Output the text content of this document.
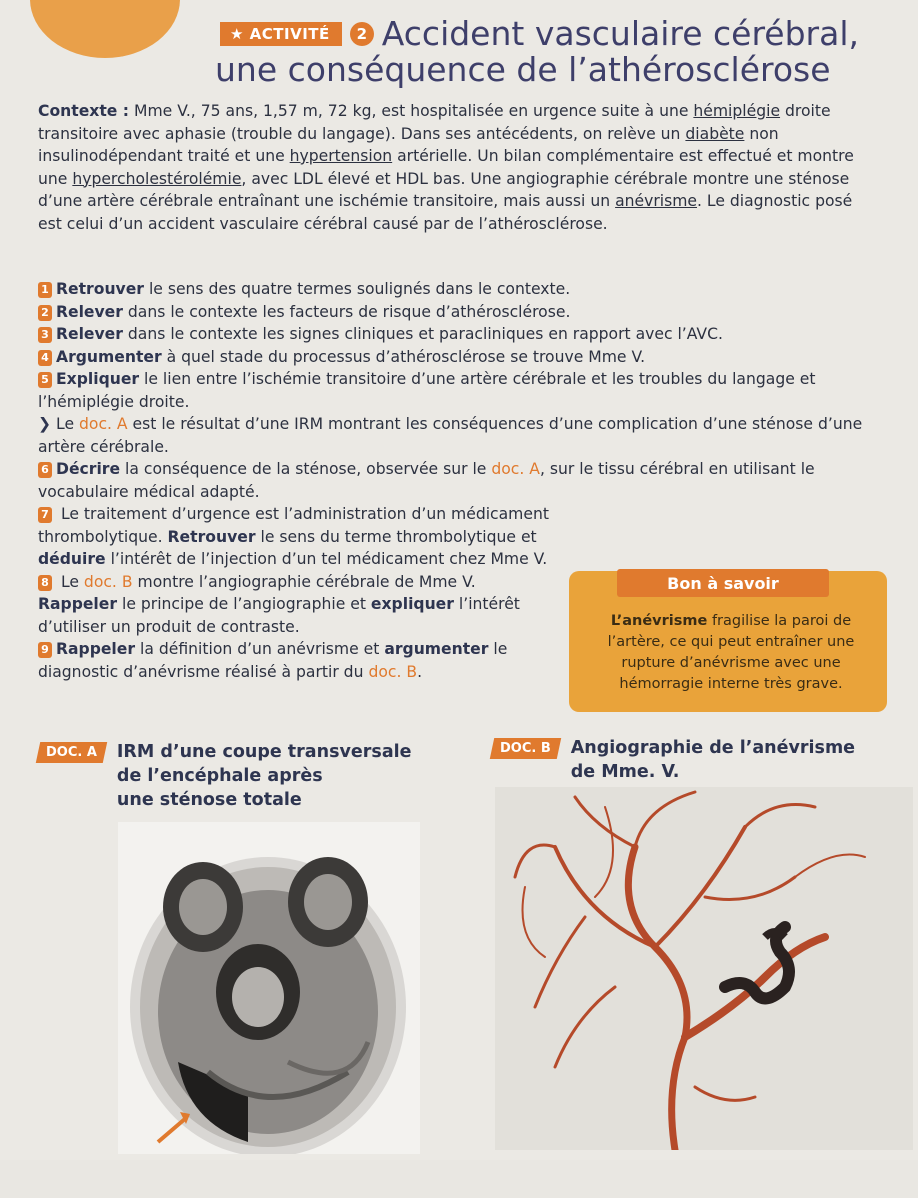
★ ACTIVITÉ	2 Accident vasculaire cérébral,
une conséquence de l’athérosclérose
Contexte : Mme V., 75 ans, 1,57 m, 72 kg, est hospitalisée en urgence suite à une hémiplégie droite transitoire avec aphasie (trouble du langage). Dans ses antécédents, on relève un diabète non insulinodépendant traité et une hypertension artérielle. Un bilan complémentaire est effectué et montre une hypercholestérolémie, avec LDL élevé et HDL bas. Une angiographie cérébrale montre une sténose d’une artère cérébrale entraînant une ischémie transitoire, mais aussi un anévrisme. Le diagnostic posé est celui d’un accident vasculaire cérébral causé par de l’athérosclérose.

1 Retrouver le sens des quatre termes soulignés dans le contexte.

2 Relever dans le contexte les facteurs de risque d’athérosclérose.

3 Relever dans le contexte les signes cliniques et paracliniques en rapport avec l’AVC.

4 Argumenter à quel stade du processus d’athérosclérose se trouve Mme V.

5 Expliquer le lien entre l’ischémie transitoire d’une artère cérébrale et les troubles du langage et l’hémiplégie droite.

❯ Le doc. A est le résultat d’une IRM montrant les conséquences d’une complication d’une sténose d’une artère cérébrale.

6 Décrire la conséquence de la sténose, observée sur le doc. A, sur le tissu cérébral en utilisant le vocabulaire médical adapté.

7 Le traitement d’urgence est l’administration d’un médicament thrombolytique. Retrouver le sens du terme thrombolytique et déduire l’intérêt de l’injection d’un tel médicament chez Mme V.

8 Le doc. B montre l’angiographie cérébrale de Mme V. Rappeler le principe de l’angiographie et expliquer l’intérêt d’utiliser un produit de contraste.

9 Rappeler la définition d’un anévrisme et argumenter le diagnostic d’anévrisme réalisé à partir du doc. B.

Bon à savoir
L’anévrisme fragilise la paroi de l’artère, ce qui peut entraîner une rupture d’anévrisme avec une hémorragie interne très grave.
DOC. A	IRM d’une coupe transversale
de l’encéphale après
une sténose totale
DOC. B	Angiographie de l’anévrisme
de Mme. V.
